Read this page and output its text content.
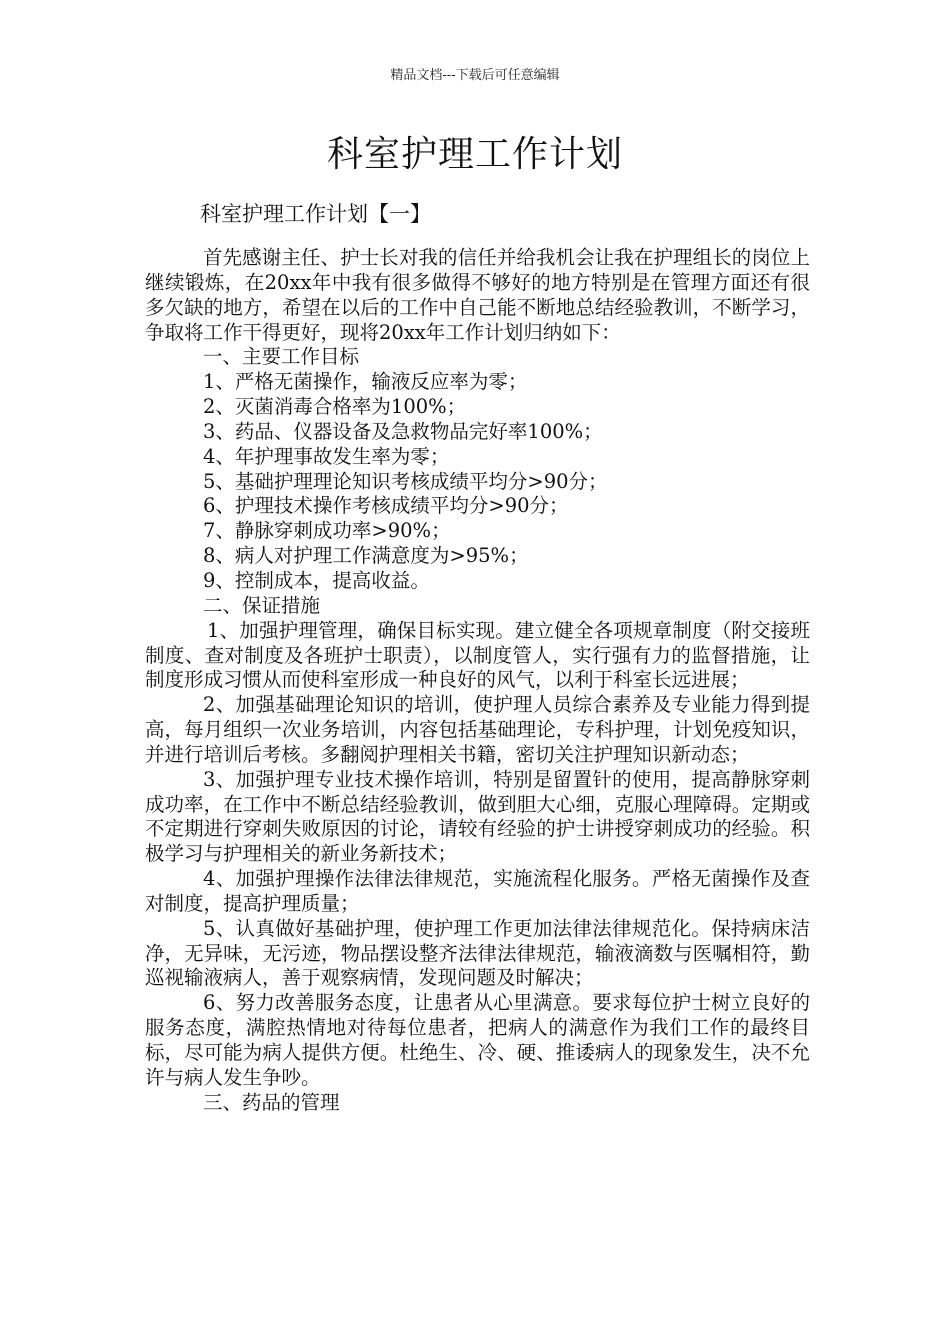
精品文档---下载后可任意编辑
科室护理工作计划
科室护理工作计划【一】

首先感谢主任、护士长对我的信任并给我机会让我在护理组长的岗位上继续锻炼，在20xx年中我有很多做得不够好的地方特别是在管理方面还有很多欠缺的地方，希望在以后的工作中自己能不断地总结经验教训，不断学习，争取将工作干得更好，现将20xx年工作计划归纳如下：

一、主要工作目标
1、严格无菌操作，输液反应率为零；
2、灭菌消毒合格率为100%；
3、药品、仪器设备及急救物品完好率100%；
4、年护理事故发生率为零；
5、基础护理理论知识考核成绩平均分>90分；
6、护理技术操作考核成绩平均分>90分；
7、静脉穿刺成功率>90%；
8、病人对护理工作满意度为>95%；
9、控制成本，提高收益。
二、保证措施

1、加强护理管理，确保目标实现。建立健全各项规章制度（附交接班制度、查对制度及各班护士职责），以制度管人，实行强有力的监督措施，让制度形成习惯从而使科室形成一种良好的风气，以利于科室长远进展；

2、加强基础理论知识的培训，使护理人员综合素养及专业能力得到提高，每月组织一次业务培训，内容包括基础理论，专科护理，计划免疫知识，并进行培训后考核。多翻阅护理相关书籍，密切关注护理知识新动态；

3、加强护理专业技术操作培训，特别是留置针的使用，提高静脉穿刺成功率，在工作中不断总结经验教训，做到胆大心细，克服心理障碍。定期或不定期进行穿刺失败原因的讨论，请较有经验的护士讲授穿刺成功的经验。积极学习与护理相关的新业务新技术；

4、加强护理操作法律法律规范，实施流程化服务。严格无菌操作及查对制度，提高护理质量；

5、认真做好基础护理，使护理工作更加法律法律规范化。保持病床洁净，无异味，无污迹，物品摆设整齐法律法律规范，输液滴数与医嘱相符，勤巡视输液病人，善于观察病情，发现问题及时解决；

6、努力改善服务态度，让患者从心里满意。要求每位护士树立良好的服务态度，满腔热情地对待每位患者，把病人的满意作为我们工作的最终目标，尽可能为病人提供方便。杜绝生、冷、硬、推诿病人的现象发生，决不允许与病人发生争吵。

三、药品的管理
